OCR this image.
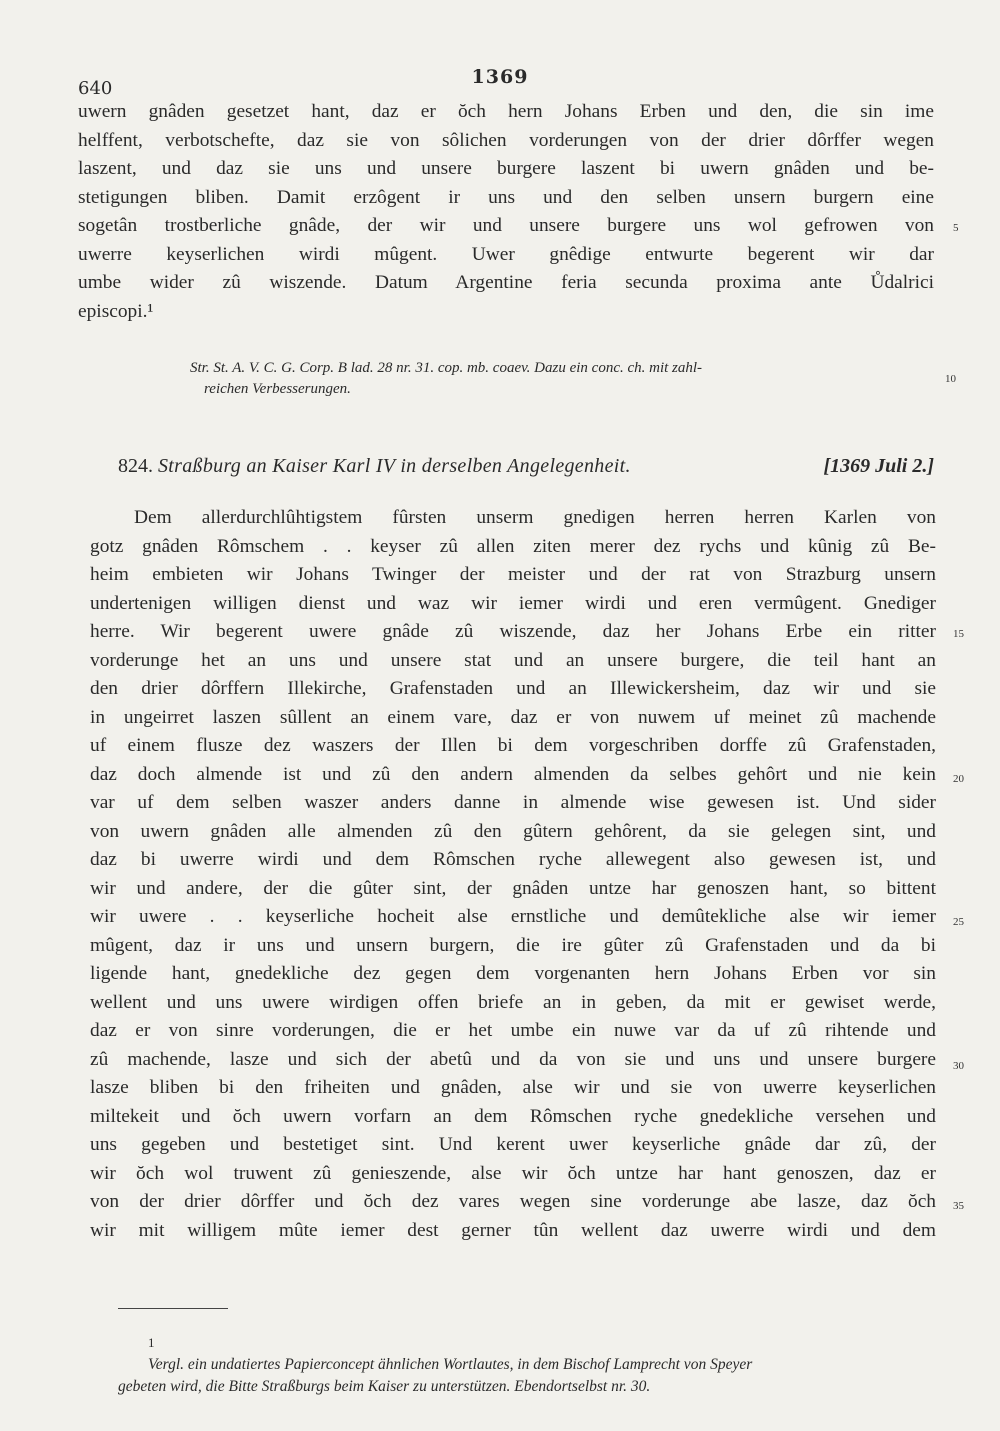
640
1369
uwern gnâden gesetzet hant, daz er ŏch hern Johans Erben und den, die sin ime
helffent, verbotschefte, daz sie von sôlichen vorderungen von der drier dôrffer wegen
laszent, und daz sie uns und unsere burgere laszent bi uwern gnâden und be-
stetigungen bliben. Damit erzôgent ir uns und den selben unsern burgern eine
sogetân trostberliche gnâde, der wir und unsere burgere uns wol gefrowen von
uwerre keyserlichen wirdi mûgent. Uwer gnêdige entwurte begerent wir dar
umbe wider zû wiszende. Datum Argentine feria secunda proxima ante Ůdalrici
episcopi.¹
Str. St. A. V. C. G. Corp. B lad. 28 nr. 31. cop. mb. coaev. Dazu ein conc. ch. mit zahl-
reichen Verbesserungen.
824. Straßburg an Kaiser Karl IV in derselben Angelegenheit.	[1369 Juli 2.]
Dem allerdurchlûhtigstem fûrsten unserm gnedigen herren herren Karlen von
gotz gnâden Rômschem . . keyser zû allen ziten merer dez rychs und kûnig zû Be-
heim embieten wir Johans Twinger der meister und der rat von Strazburg unsern
undertenigen willigen dienst und waz wir iemer wirdi und eren vermûgent. Gnediger
herre. Wir begerent uwere gnâde zû wiszende, daz her Johans Erbe ein ritter
vorderunge het an uns und unsere stat und an unsere burgere, die teil hant an
den drier dôrffern Illekirche, Grafenstaden und an Illewickersheim, daz wir und sie
in ungeirret laszen sûllent an einem vare, daz er von nuwem uf meinet zû machende
uf einem flusze dez waszers der Illen bi dem vorgeschriben dorffe zû Grafenstaden,
daz doch almende ist und zû den andern almenden da selbes gehôrt und nie kein
var uf dem selben waszer anders danne in almende wise gewesen ist. Und sider
von uwern gnâden alle almenden zû den gûtern gehôrent, da sie gelegen sint, und
daz bi uwerre wirdi und dem Rômschen ryche allewegent also gewesen ist, und
wir und andere, der die gûter sint, der gnâden untze har genoszen hant, so bittent
wir uwere . . keyserliche hocheit alse ernstliche und demûtekliche alse wir iemer
mûgent, daz ir uns und unsern burgern, die ire gûter zû Grafenstaden und da bi
ligende hant, gnedekliche dez gegen dem vorgenanten hern Johans Erben vor sin
wellent und uns uwere wirdigen offen briefe an in geben, da mit er gewiset werde,
daz er von sinre vorderungen, die er het umbe ein nuwe var da uf zû rihtende und
zû machende, lasze und sich der abetû und da von sie und uns und unsere burgere
lasze bliben bi den friheiten und gnâden, alse wir und sie von uwerre keyserlichen
miltekeit und ŏch uwern vorfarn an dem Rômschen ryche gnedekliche versehen und
uns gegeben und bestetiget sint. Und kerent uwer keyserliche gnâde dar zû, der
wir ŏch wol truwent zû genieszende, alse wir ŏch untze har hant genoszen, daz er
von der drier dôrffer und ŏch dez vares wegen sine vorderunge abe lasze, daz ŏch
wir mit willigem mûte iemer dest gerner tûn wellent daz uwerre wirdi und dem
5
10
15
20
25
30
35
1
Vergl. ein undatiertes Papierconcept ähnlichen Wortlautes, in dem Bischof Lamprecht von Speyer
gebeten wird, die Bitte Straßburgs beim Kaiser zu unterstützen. Ebendortselbst nr. 30.
